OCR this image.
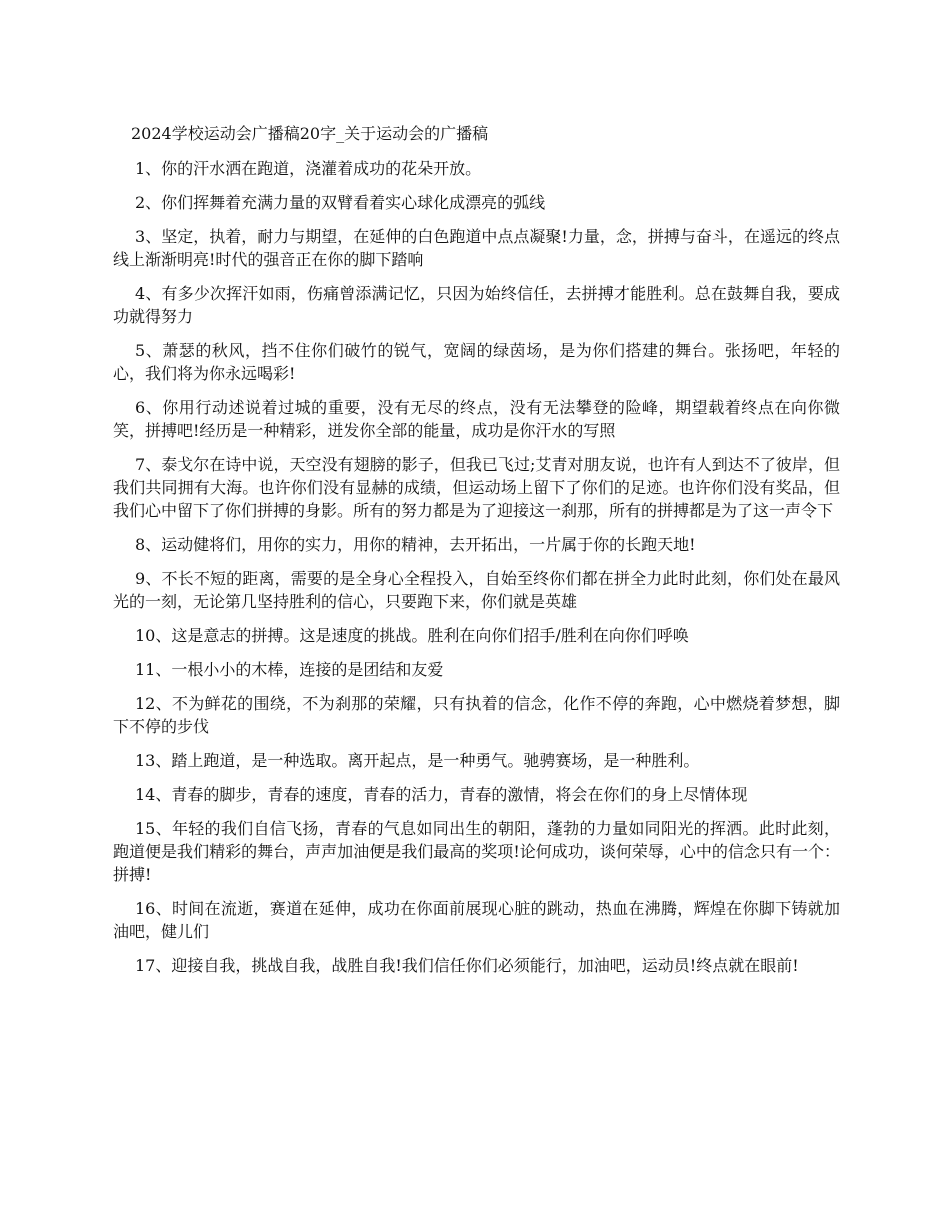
2024学校运动会广播稿20字_关于运动会的广播稿

1、你的汗水洒在跑道，浇灌着成功的花朵开放。

2、你们挥舞着充满力量的双臂看着实心球化成漂亮的弧线

3、坚定，执着，耐力与期望，在延伸的白色跑道中点点凝聚!力量，念，拼搏与奋斗，在遥远的终点线上渐渐明亮!时代的强音正在你的脚下踏响

4、有多少次挥汗如雨，伤痛曾添满记忆，只因为始终信任，去拼搏才能胜利。总在鼓舞自我，要成功就得努力

5、萧瑟的秋风，挡不住你们破竹的锐气，宽阔的绿茵场，是为你们搭建的舞台。张扬吧，年轻的心，我们将为你永远喝彩!

6、你用行动述说着过城的重要，没有无尽的终点，没有无法攀登的险峰，期望载着终点在向你微笑，拼搏吧!经历是一种精彩，迸发你全部的能量，成功是你汗水的写照

7、泰戈尔在诗中说，天空没有翅膀的影子，但我已飞过;艾青对朋友说，也许有人到达不了彼岸，但我们共同拥有大海。也许你们没有显赫的成绩，但运动场上留下了你们的足迹。也许你们没有奖品，但我们心中留下了你们拼搏的身影。所有的努力都是为了迎接这一刹那，所有的拼搏都是为了这一声令下

8、运动健将们，用你的实力，用你的精神，去开拓出，一片属于你的长跑天地!

9、不长不短的距离，需要的是全身心全程投入，自始至终你们都在拼全力此时此刻，你们处在最风光的一刻，无论第几坚持胜利的信心，只要跑下来，你们就是英雄

10、这是意志的拼搏。这是速度的挑战。胜利在向你们招手/胜利在向你们呼唤

11、一根小小的木棒，连接的是团结和友爱

12、不为鲜花的围绕，不为刹那的荣耀，只有执着的信念，化作不停的奔跑，心中燃烧着梦想，脚下不停的步伐

13、踏上跑道，是一种选取。离开起点，是一种勇气。驰骋赛场，是一种胜利。

14、青春的脚步，青春的速度，青春的活力，青春的激情，将会在你们的身上尽情体现

15、年轻的我们自信飞扬，青春的气息如同出生的朝阳，蓬勃的力量如同阳光的挥洒。此时此刻，跑道便是我们精彩的舞台，声声加油便是我们最高的奖项!论何成功，谈何荣辱，心中的信念只有一个：拼搏!

16、时间在流逝，赛道在延伸，成功在你面前展现心脏的跳动，热血在沸腾，辉煌在你脚下铸就加油吧，健儿们

17、迎接自我，挑战自我，战胜自我!我们信任你们必须能行，加油吧，运动员!终点就在眼前!
